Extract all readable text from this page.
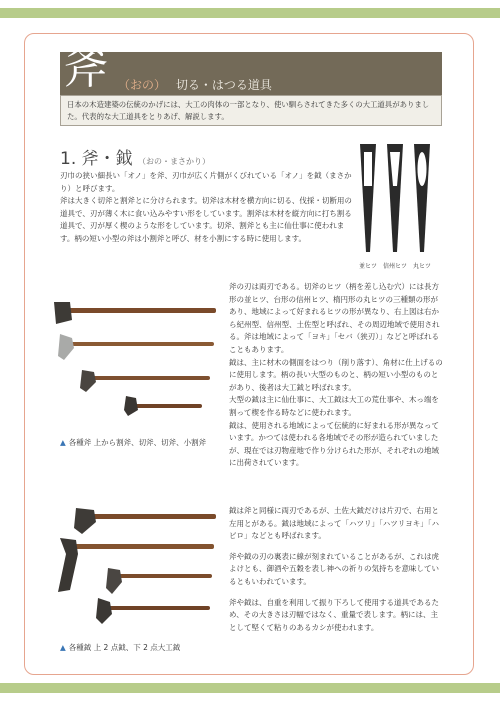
斧 （おの） 切る・はつる道具
日本の木造建築の伝統のかげには、大工の肉体の一部となり、使い馴らされてきた多くの大工道具がありました。代表的な大工道具をとりあげ、解説します。
1. 斧・鉞 （おの・まさかり）

刃巾の狭い細長い「オノ」を斧、刃巾が広く片側がくびれている「オノ」を鉞（まさかり）と呼びます。

斧は大きく切斧と割斧とに分けられます。切斧は木材を横方向に切る、伐採・切断用の道具で、刃が薄く木に食い込みやすい形をしています。割斧は木材を縦方向に打ち割る道具で、刃が厚く楔のような形をしています。切斧、割斧とも主に仙仕事に使われます。柄の短い小型の斧は小割斧と呼び、材を小割にする時に使用します。

並ヒツ 信州ヒツ 丸ヒツ
▲ 各種斧 上から割斧、切斧、切斧、小割斧

斧の刃は両刃である。切斧のヒツ（柄を差し込む穴）には長方形の並ヒツ、台形の信州ヒツ、楕円形の丸ヒツの三種類の形があり、地域によって好まれるヒツの形が異なり、右上図は右から紀州型、信州型、土佐型と呼ばれ、その周辺地域で使用される。斧は地域によって「ヨキ」「セバ（狭刃）」などと呼ばれることもあります。

鉞は、主に材木の側面をはつり（削り落す）、角材に仕上げるのに使用します。柄の長い大型のものと、柄の短い小型のものとがあり、後者は大工鉞と呼ばれます。

大型の鉞は主に仙仕事に、大工鉞は大工の荒仕事や、木っ端を割って楔を作る時などに使われます。

鉞は、使用される地域によって伝統的に好まれる形が異なっています。かつては使われる各地域でその形が造られていましたが、現在では刃物産地で作り分けられた形が、それぞれの地域に出荷されています。

▲ 各種鉞 上 2 点鉞、下 2 点大工鉞

鉞は斧と同様に両刃であるが、土佐大鉞だけは片刃で、右用と左用とがある。鉞は地域によって「ハツリ」「ハツリヨキ」「ハビロ」などとも呼ばれます。

斧や鉞の刃の裏表に線が刻まれていることがあるが、これは虎よけとも、御酒や五穀を表し神への祈りの気持ちを意味しているともいわれています。

斧や鉞は、自重を利用して振り下ろして使用する道具であるため、その大きさは刃幅ではなく、重量で表します。柄には、主として堅くて粘りのあるカシが使われます。
